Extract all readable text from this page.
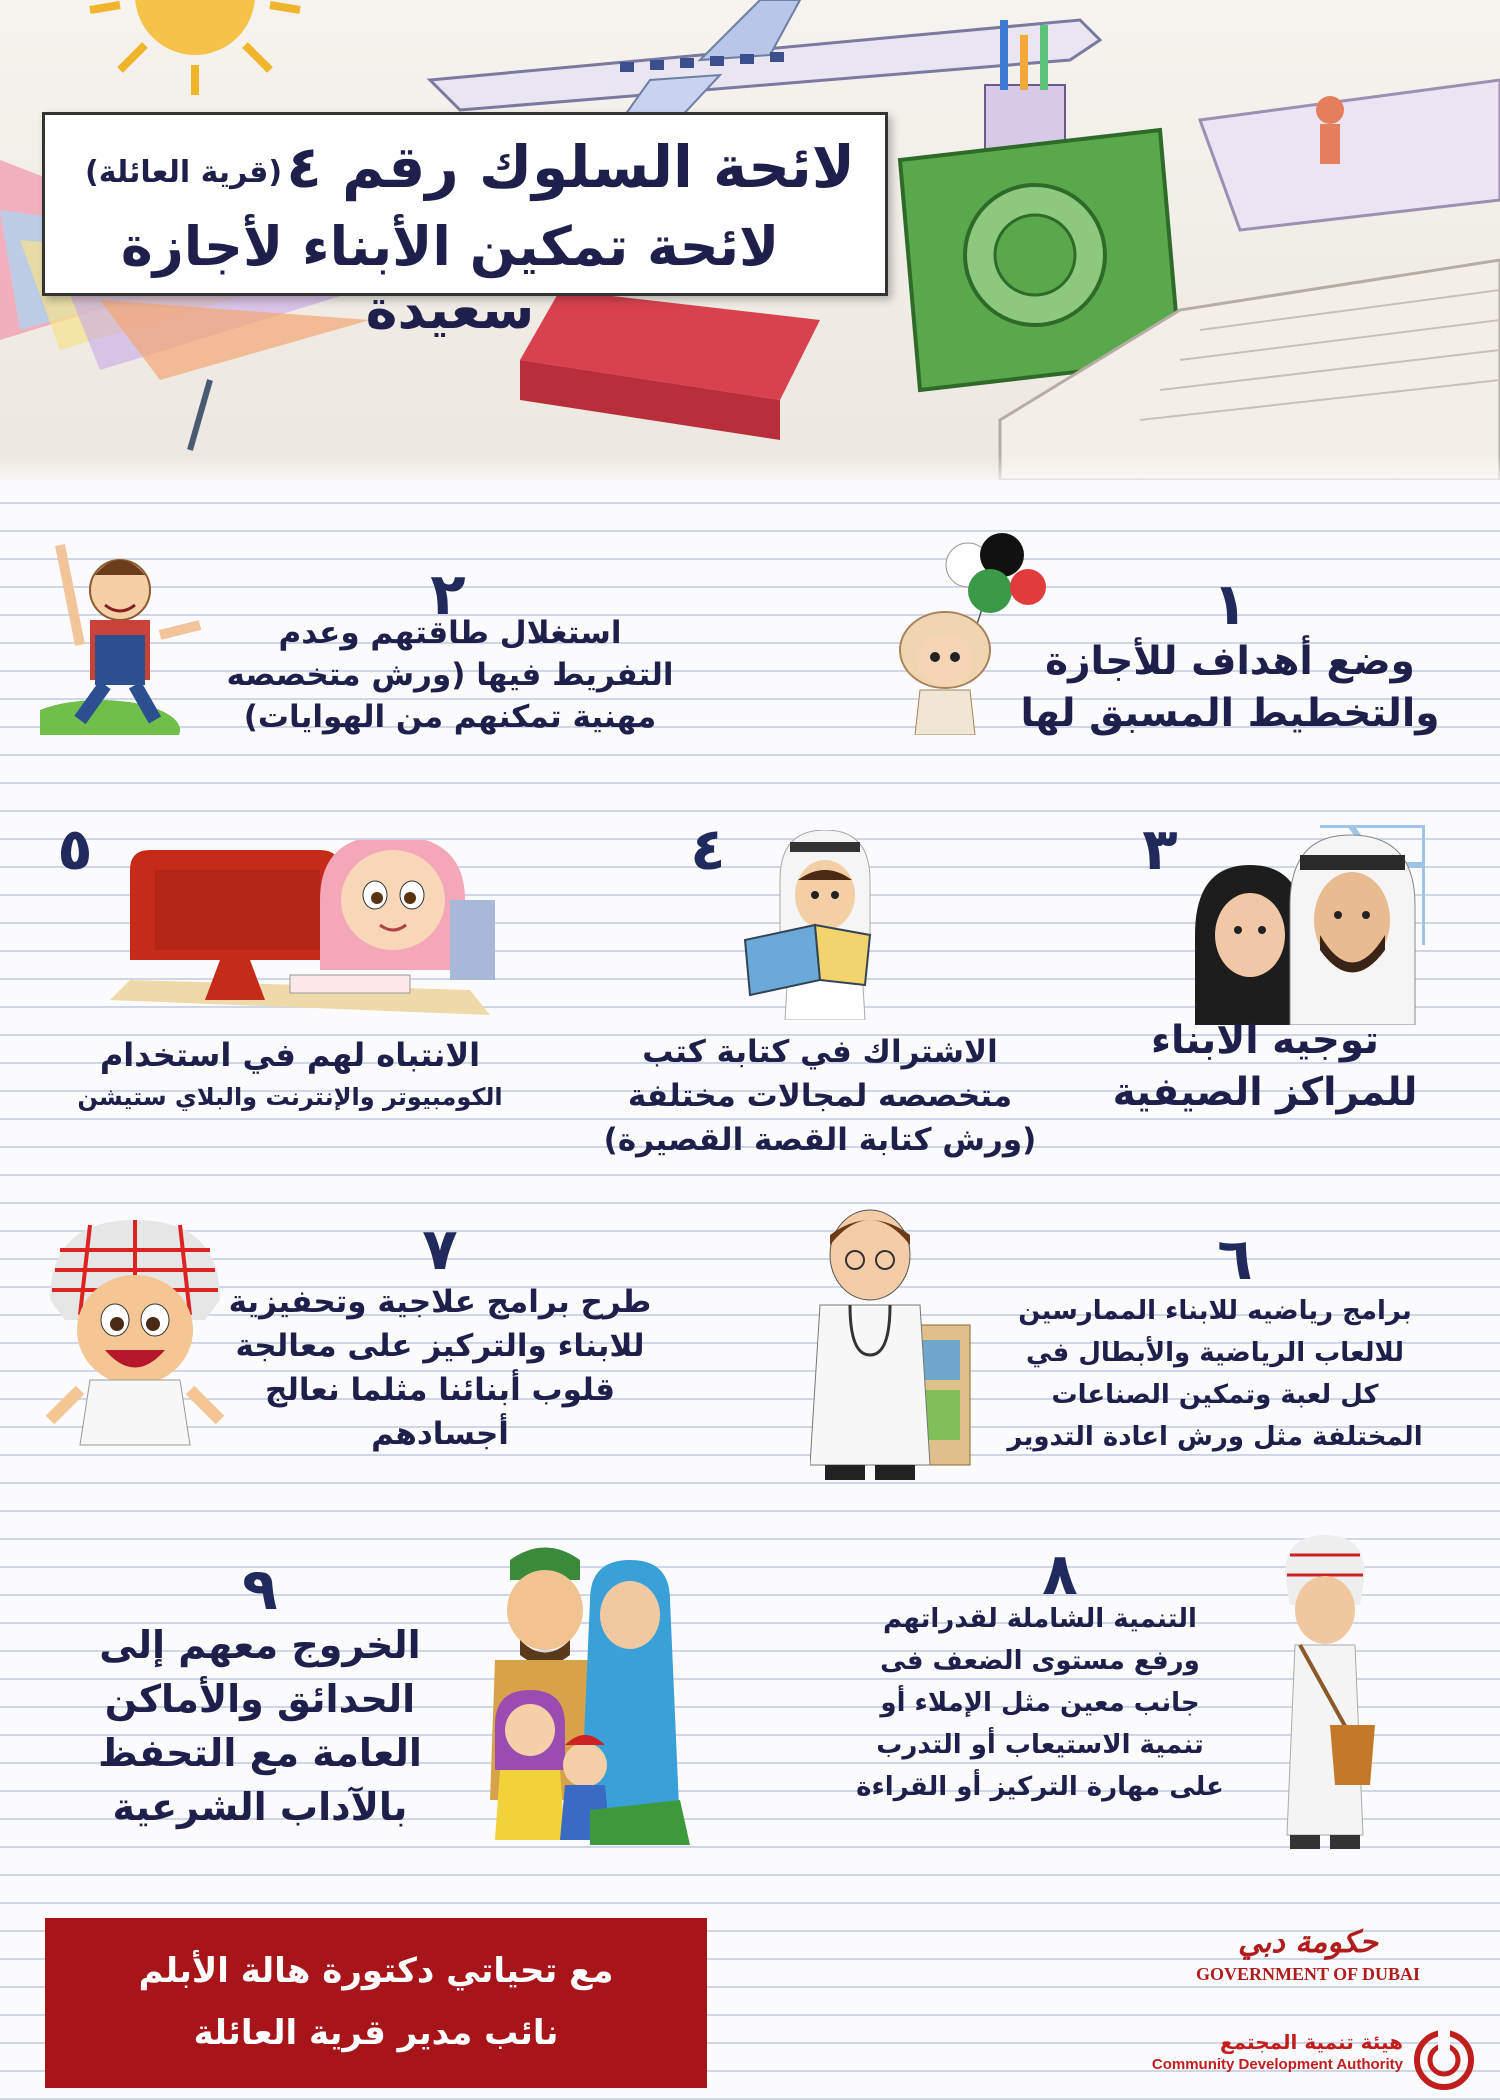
لائحة السلوك رقم ٤
(قرية العائلة)
لائحة تمكين الأبناء لأجازة سعيدة
١
وضع أهداف للأجازة
والتخطيط المسبق لها
٢
استغلال طاقتهم وعدم
التفريط فيها (ورش متخصصه
مهنية تمكنهم من الهوايات)
٣
توجيه الابناء
للمراكز الصيفية
٤
الاشتراك في كتابة كتب
متخصصه لمجالات مختلفة
(ورش كتابة القصة القصيرة)
٥
الانتباه لهم في استخدام
الكومبيوتر والإنترنت والبلاي ستيشن
٦
برامج رياضيه للابناء الممارسين
للالعاب الرياضية والأبطال في
كل لعبة وتمكين الصناعات
المختلفة مثل ورش اعادة التدوير
٧
طرح برامج علاجية وتحفيزية
للابناء والتركيز على معالجة
قلوب أبنائنا مثلما نعالج
أجسادهم
٨
التنمية الشاملة لقدراتهم
ورفع مستوى الضعف فى
جانب معين مثل الإملاء أو
تنمية الاستيعاب أو التدرب
على مهارة التركيز أو القراءة
٩
الخروج معهم إلى
الحدائق والأماكن
العامة مع التحفظ
بالآداب الشرعية
مع تحياتي دكتورة هالة الأبلم
نائب مدير قرية العائلة
حكومة دبي
GOVERNMENT OF DUBAI
هيئة تنمية المجتمع
Community Development Authority
